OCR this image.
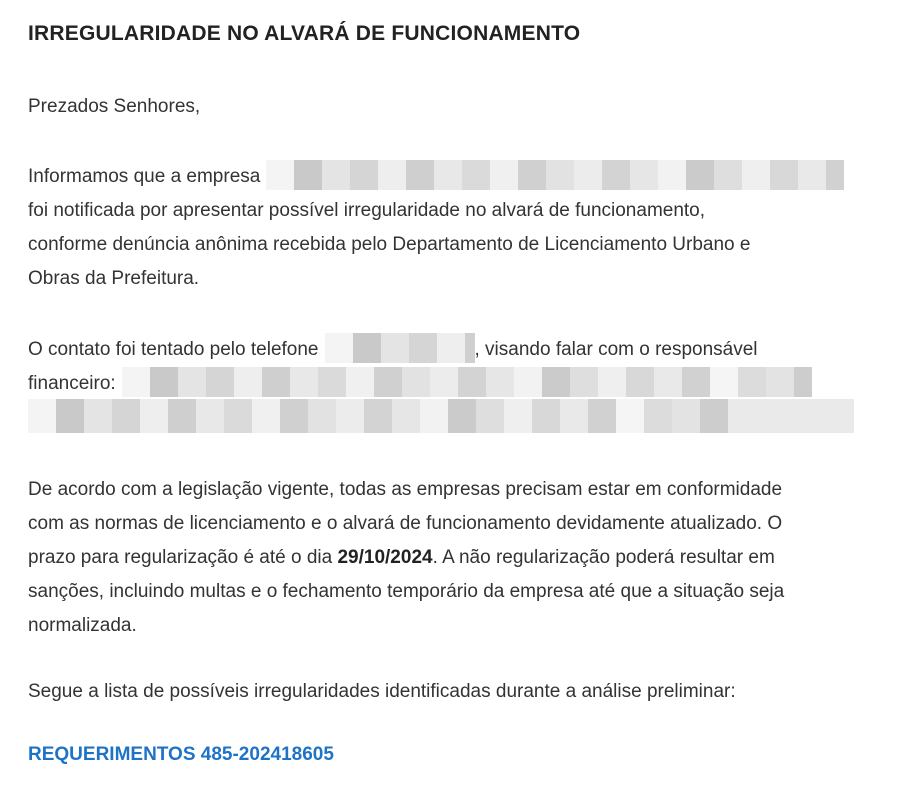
IRREGULARIDADE NO ALVARÁ DE FUNCIONAMENTO
Prezados Senhores,
Informamos que a empresa
foi notificada por apresentar possível irregularidade no alvará de funcionamento,
conforme denúncia anônima recebida pelo Departamento de Licenciamento Urbano e
Obras da Prefeitura.
O contato foi tentado pelo telefone	, visando falar com o responsável
financeiro:
De acordo com a legislação vigente, todas as empresas precisam estar em conformidade
com as normas de licenciamento e o alvará de funcionamento devidamente atualizado. O
prazo para regularização é até o dia 29/10/2024. A não regularização poderá resultar em
sanções, incluindo multas e o fechamento temporário da empresa até que a situação seja
normalizada.
Segue a lista de possíveis irregularidades identificadas durante a análise preliminar:
REQUERIMENTOS 485-202418605
